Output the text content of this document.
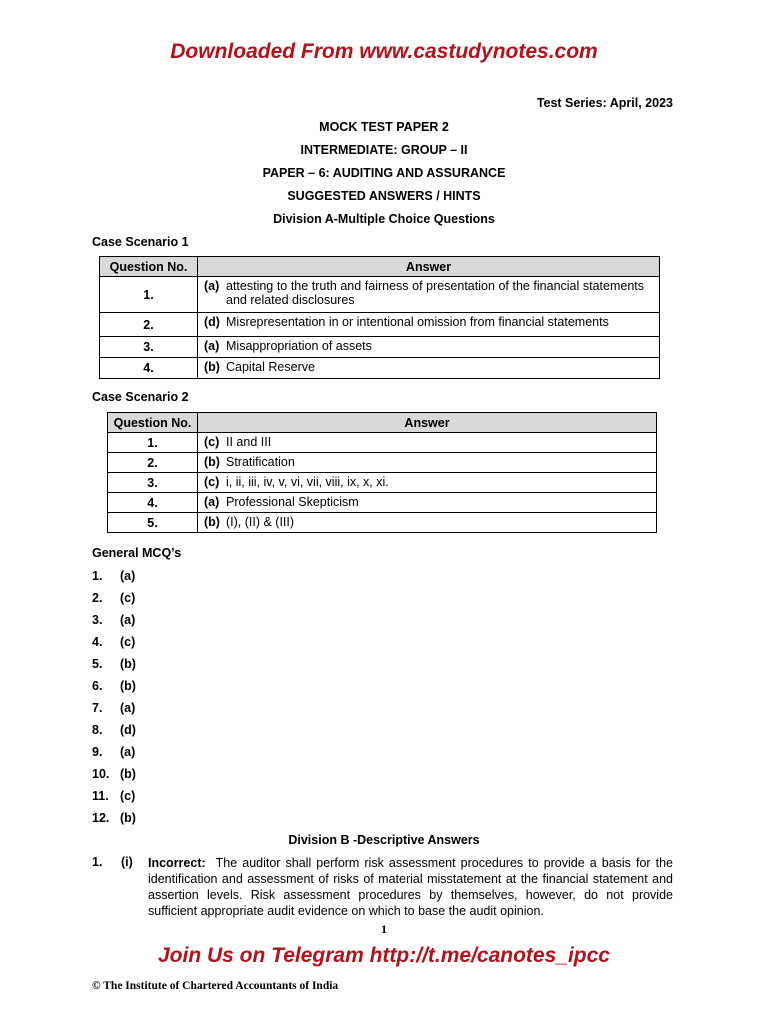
Downloaded From www.castudynotes.com
Test Series: April, 2023
MOCK TEST PAPER 2
INTERMEDIATE: GROUP – II
PAPER – 6: AUDITING AND ASSURANCE
SUGGESTED ANSWERS / HINTS
Division A-Multiple Choice Questions
Case Scenario 1
Question No.	Answer
1.	(a) attesting to the truth and fairness of presentation of the financial statements and related disclosures
2.	(d) Misrepresentation in or intentional omission from financial statements
3.	(a) Misappropriation of assets
4.	(b) Capital Reserve
Case Scenario 2
Question No.	Answer
1.	(c) II and III
2.	(b) Stratification
3.	(c) i, ii, iii, iv, v, vi, vii, viii, ix, x, xi.
4.	(a) Professional Skepticism
5.	(b) (I), (II) & (III)
General MCQ’s
1. (a)
2. (c)
3. (a)
4. (c)
5. (b)
6. (b)
7. (a)
8. (d)
9. (a)
10. (b)
11. (c)
12. (b)
Division B -Descriptive Answers
1. (i) Incorrect: The auditor shall perform risk assessment procedures to provide a basis for the identification and assessment of risks of material misstatement at the financial statement and assertion levels. Risk assessment procedures by themselves, however, do not provide sufficient appropriate audit evidence on which to base the audit opinion.
1
Join Us on Telegram http://t.me/canotes_ipcc
© The Institute of Chartered Accountants of India
